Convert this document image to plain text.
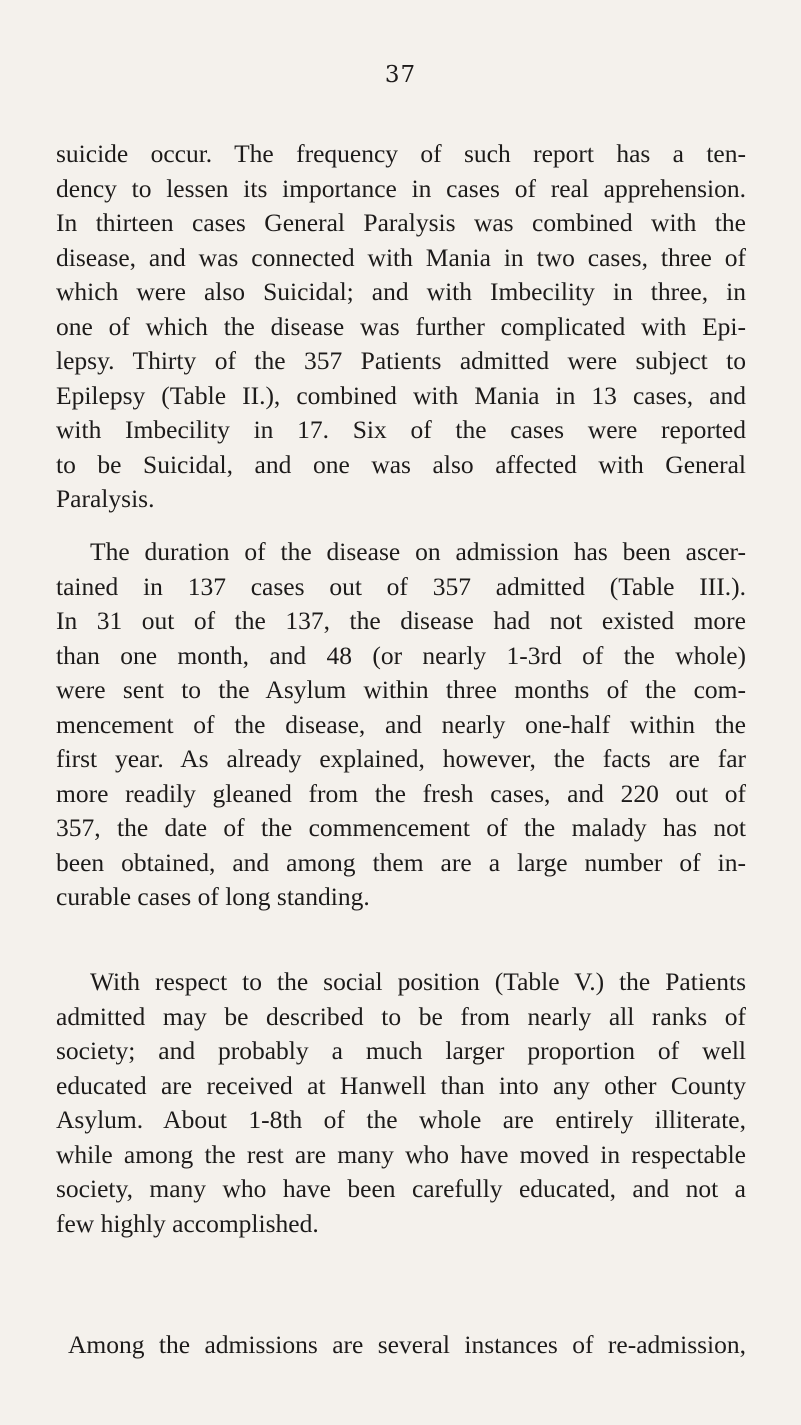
37
suicide occur. The frequency of such report has a ten-
dency to lessen its importance in cases of real apprehension.
In thirteen cases General Paralysis was combined with the
disease, and was connected with Mania in two cases, three of
which were also Suicidal; and with Imbecility in three, in
one of which the disease was further complicated with Epi-
lepsy. Thirty of the 357 Patients admitted were subject to
Epilepsy (Table II.), combined with Mania in 13 cases, and
with Imbecility in 17. Six of the cases were reported
to be Suicidal, and one was also affected with General
Paralysis.
The duration of the disease on admission has been ascer-
tained in 137 cases out of 357 admitted (Table III.).
In 31 out of the 137, the disease had not existed more
than one month, and 48 (or nearly 1-3rd of the whole)
were sent to the Asylum within three months of the com-
mencement of the disease, and nearly one-half within the
first year. As already explained, however, the facts are far
more readily gleaned from the fresh cases, and 220 out of
357, the date of the commencement of the malady has not
been obtained, and among them are a large number of in-
curable cases of long standing.
With respect to the social position (Table V.) the Patients
admitted may be described to be from nearly all ranks of
society; and probably a much larger proportion of well
educated are received at Hanwell than into any other County
Asylum. About 1-8th of the whole are entirely illiterate,
while among the rest are many who have moved in respectable
society, many who have been carefully educated, and not a
few highly accomplished.
Among the admissions are several instances of re-admission,
